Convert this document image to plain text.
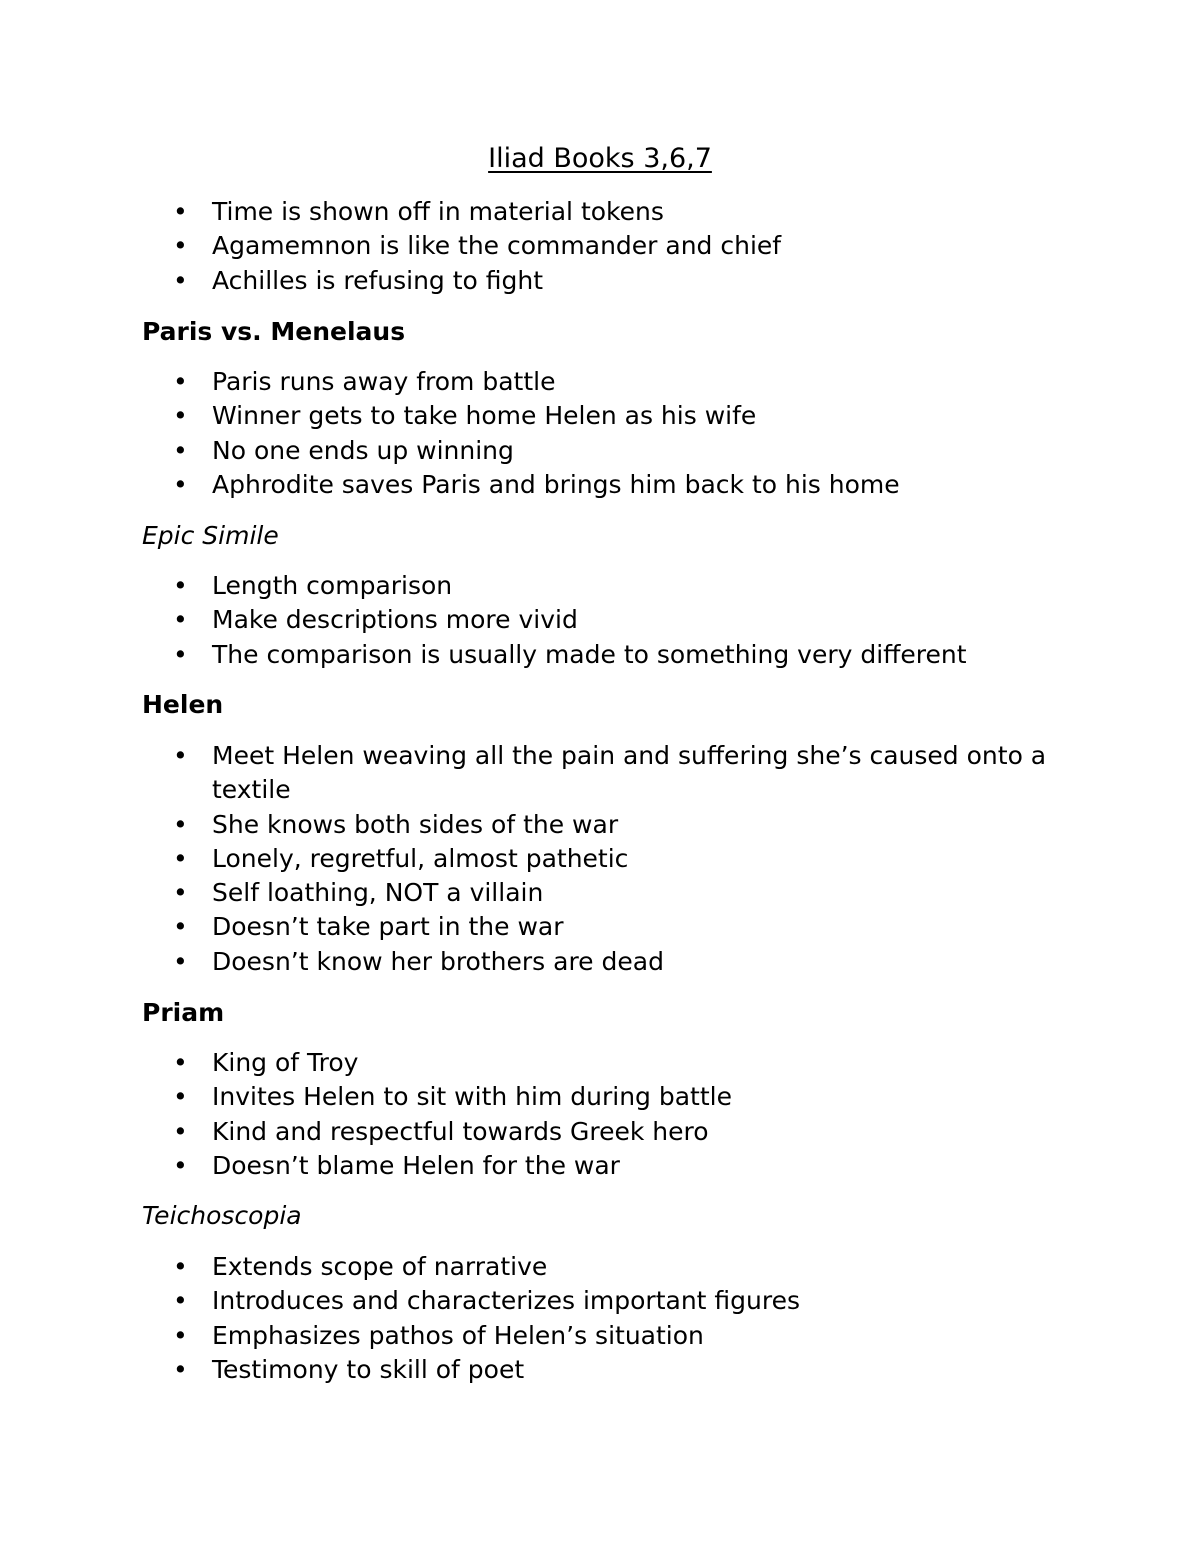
Iliad Books 3,6,7
• Time is shown off in material tokens
• Agamemnon is like the commander and chief
• Achilles is refusing to fight
Paris vs. Menelaus
• Paris runs away from battle
• Winner gets to take home Helen as his wife
• No one ends up winning
• Aphrodite saves Paris and brings him back to his home
Epic Simile
• Length comparison
• Make descriptions more vivid
• The comparison is usually made to something very different
Helen
• Meet Helen weaving all the pain and suffering she’s caused onto a textile
• She knows both sides of the war
• Lonely, regretful, almost pathetic
• Self loathing, NOT a villain
• Doesn’t take part in the war
• Doesn’t know her brothers are dead
Priam
• King of Troy
• Invites Helen to sit with him during battle
• Kind and respectful towards Greek hero
• Doesn’t blame Helen for the war
Teichoscopia
• Extends scope of narrative
• Introduces and characterizes important figures
• Emphasizes pathos of Helen’s situation
• Testimony to skill of poet
